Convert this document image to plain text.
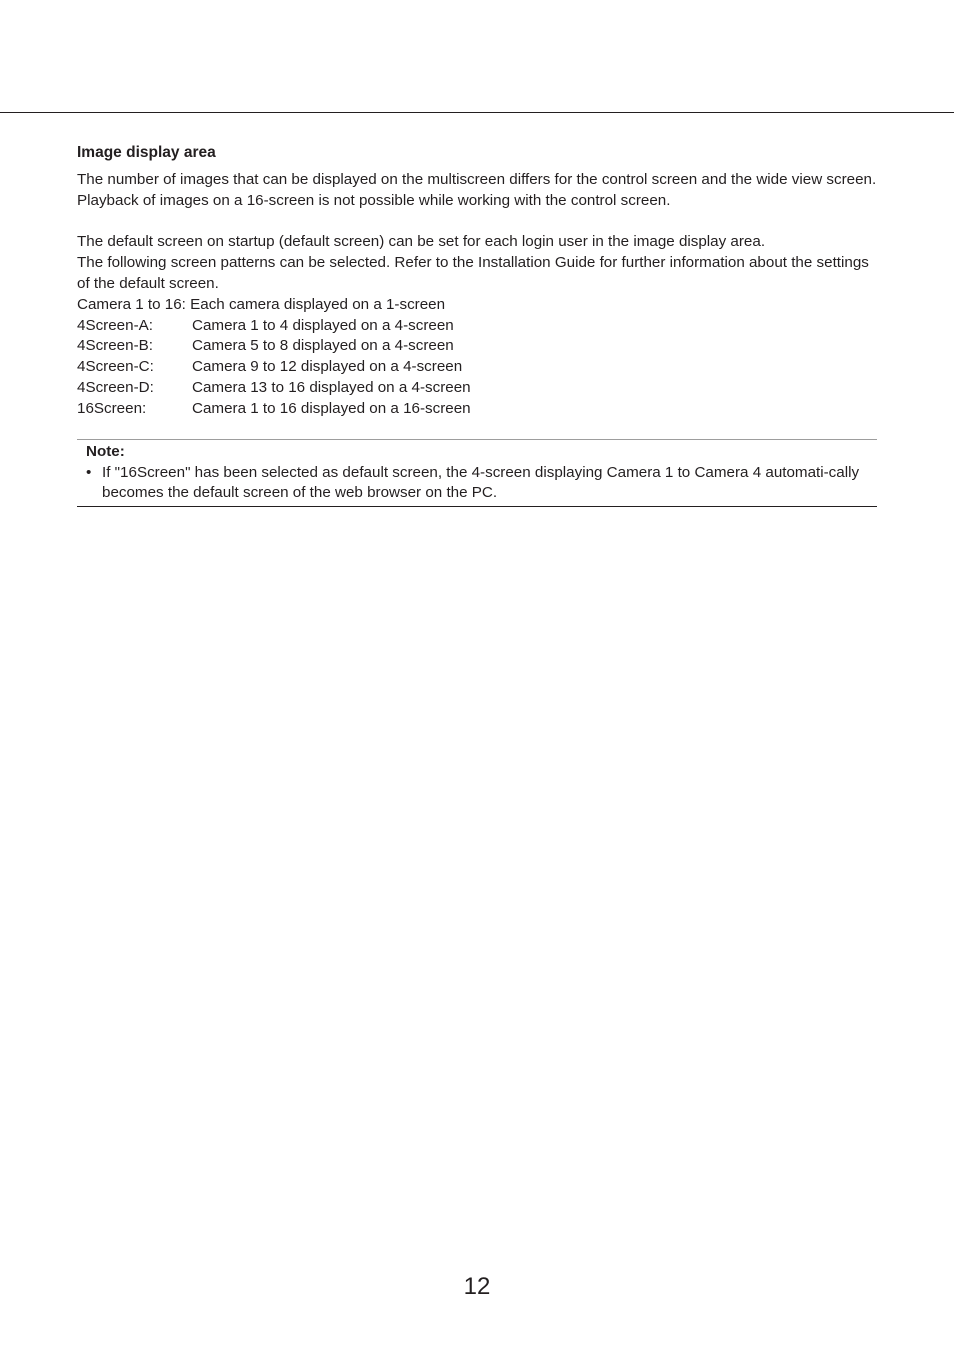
Image display area

The number of images that can be displayed on the multiscreen differs for the control screen and the wide view screen. Playback of images on a 16-screen is not possible while working with the control screen.

The default screen on startup (default screen) can be set for each login user in the image display area.

The following screen patterns can be selected. Refer to the Installation Guide for further information about the settings of the default screen.

Camera 1 to 16: Each camera displayed on a 1-screen

4Screen-A:	Camera 1 to 4 displayed on a 4-screen
4Screen-B:	Camera 5 to 8 displayed on a 4-screen
4Screen-C:	Camera 9 to 12 displayed on a 4-screen
4Screen-D:	Camera 13 to 16 displayed on a 4-screen
16Screen:	Camera 1 to 16 displayed on a 16-screen
Note:
• If "16Screen" has been selected as default screen, the 4-screen displaying Camera 1 to Camera 4 automati-cally becomes the default screen of the web browser on the PC.
12
